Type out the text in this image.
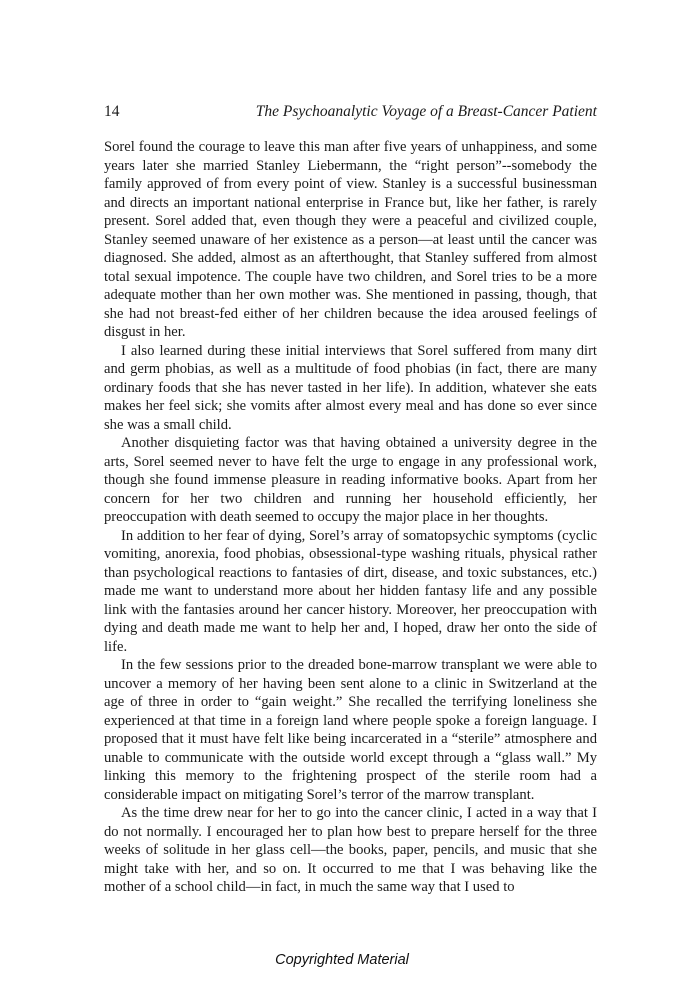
14	The Psychoanalytic Voyage of a Breast-Cancer Patient

Sorel found the courage to leave this man after five years of unhappiness, and some years later she married Stanley Liebermann, the “right person”--somebody the family approved of from every point of view. Stanley is a successful businessman and directs an important national enterprise in France but, like her father, is rarely present. Sorel added that, even though they were a peaceful and civilized couple, Stanley seemed unaware of her existence as a person—at least until the cancer was diagnosed. She added, almost as an afterthought, that Stanley suffered from almost total sexual impotence. The couple have two children, and Sorel tries to be a more adequate mother than her own mother was. She mentioned in passing, though, that she had not breast-fed either of her children because the idea aroused feelings of disgust in her.

I also learned during these initial interviews that Sorel suffered from many dirt and germ phobias, as well as a multitude of food phobias (in fact, there are many ordinary foods that she has never tasted in her life). In addition, whatever she eats makes her feel sick; she vomits after almost every meal and has done so ever since she was a small child.

Another disquieting factor was that having obtained a university degree in the arts, Sorel seemed never to have felt the urge to engage in any professional work, though she found immense pleasure in reading informative books. Apart from her concern for her two children and running her household efficiently, her preoccupation with death seemed to occupy the major place in her thoughts.

In addition to her fear of dying, Sorel’s array of somatopsychic symptoms (cyclic vomiting, anorexia, food phobias, obsessional-type washing rituals, physical rather than psychological reactions to fantasies of dirt, disease, and toxic substances, etc.) made me want to understand more about her hidden fantasy life and any possible link with the fantasies around her cancer history. Moreover, her preoccupation with dying and death made me want to help her and, I hoped, draw her onto the side of life.

In the few sessions prior to the dreaded bone-marrow transplant we were able to uncover a memory of her having been sent alone to a clinic in Switzerland at the age of three in order to “gain weight.” She recalled the terrifying loneliness she experienced at that time in a foreign land where people spoke a foreign language. I proposed that it must have felt like being incarcerated in a “sterile” atmosphere and unable to communicate with the outside world except through a “glass wall.” My linking this memory to the frightening prospect of the sterile room had a considerable impact on mitigating Sorel’s terror of the marrow transplant.

As the time drew near for her to go into the cancer clinic, I acted in a way that I do not normally. I encouraged her to plan how best to prepare herself for the three weeks of solitude in her glass cell—the books, paper, pencils, and music that she might take with her, and so on. It occurred to me that I was behaving like the mother of a school child—in fact, in much the same way that I used to

Copyrighted Material
